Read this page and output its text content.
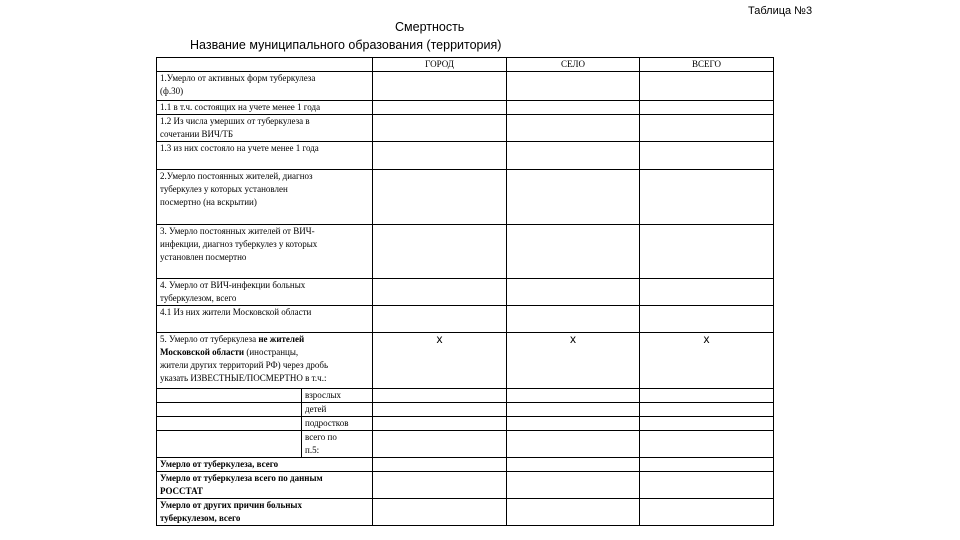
Таблица №3
Смертность
Название муниципального образования (территория)
		ГОРОД	СЕЛО	ВСЕГО

1.Умерло от активных форм туберкулеза
(ф.30)				

1.1 в т.ч. состоящих на учете менее 1 года				

1.2 Из числа умерших от туберкулеза в
сочетании ВИЧ/ТБ				

1.3 из них состояло на учете менее 1 года				

2.Умерло постоянных жителей, диагноз
туберкулез у которых установлен
посмертно (на вскрытии)				

3. Умерло постоянных жителей от ВИЧ-
инфекции, диагноз туберкулез у которых
установлен посмертно				

4. Умерло от ВИЧ-инфекции больных
туберкулезом, всего				

4.1 Из них жители Московской области				

5. Умерло от туберкулеза не жителей
Московской области (иностранцы,
жители других территорий РФ) через дробь
указать ИЗВЕСТНЫЕ/ПОСМЕРТНО в т.ч.:		х	х	х
	взрослых			
	детей			
	подростков			

	всего по
п.5:			

Умерло от туберкулеза, всего				

Умерло от туберкулеза всего по данным
РОССТАТ				

Умерло от других причин больных
туберкулезом, всего				
